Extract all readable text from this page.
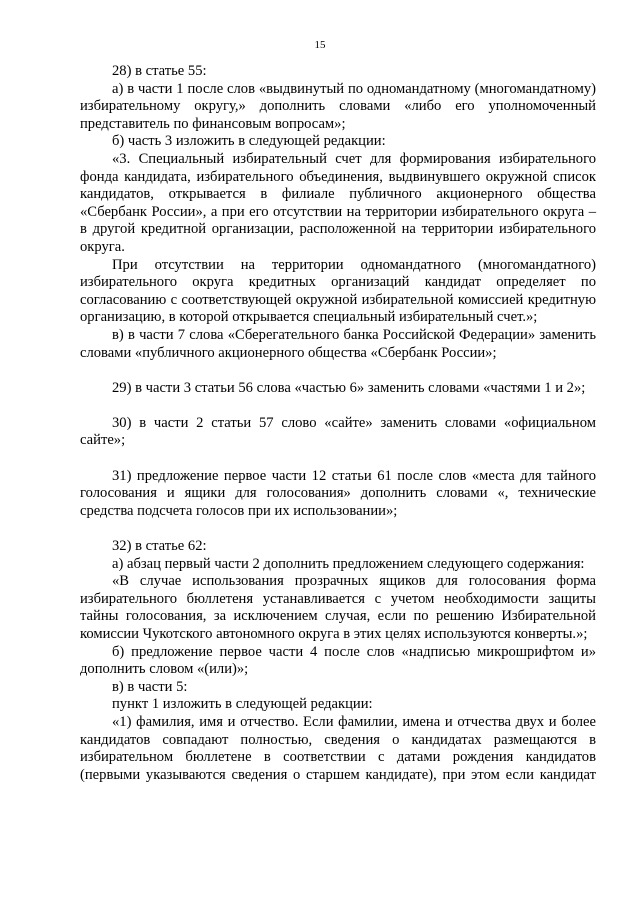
15

28) в статье 55:

а) в части 1 после слов «выдвинутый по одномандатному (многомандатному) избирательному округу,» дополнить словами «либо его уполномоченный представитель по финансовым вопросам»;

б) часть 3 изложить в следующей редакции:

«3. Специальный избирательный счет для формирования избирательного фонда кандидата, избирательного объединения, выдвинувшего окружной список кандидатов, открывается в филиале публичного акционерного общества «Сбербанк России», а при его отсутствии на территории избирательного округа – в другой кредитной организации, расположенной на территории избирательного округа.

При отсутствии на территории одномандатного (многомандатного) избирательного округа кредитных организаций кандидат определяет по согласованию с соответствующей окружной избирательной комиссией кредитную организацию, в которой открывается специальный избирательный счет.»;

в) в части 7 слова «Сберегательного банка Российской Федерации» заменить словами «публичного акционерного общества «Сбербанк России»;

29) в части 3 статьи 56 слова «частью 6» заменить словами «частями 1 и 2»;

30) в части 2 статьи 57 слово «сайте» заменить словами «официальном сайте»;

31) предложение первое части 12 статьи 61 после слов «места для тайного голосования и ящики для голосования» дополнить словами «, технические средства подсчета голосов при их использовании»;

32) в статье 62:

а) абзац первый части 2 дополнить предложением следующего содержания:

«В случае использования прозрачных ящиков для голосования форма избирательного бюллетеня устанавливается с учетом необходимости защиты тайны голосования, за исключением случая, если по решению Избирательной комиссии Чукотского автономного округа в этих целях используются конверты.»;

б) предложение первое части 4 после слов «надписью микрошрифтом и» дополнить словом «(или)»;

в) в части 5:

пункт 1 изложить в следующей редакции:

«1) фамилия, имя и отчество. Если фамилии, имена и отчества двух и более кандидатов совпадают полностью, сведения о кандидатах размещаются в избирательном бюллетене в соответствии с датами рождения кандидатов (первыми указываются сведения о старшем кандидате), при этом если кандидат
